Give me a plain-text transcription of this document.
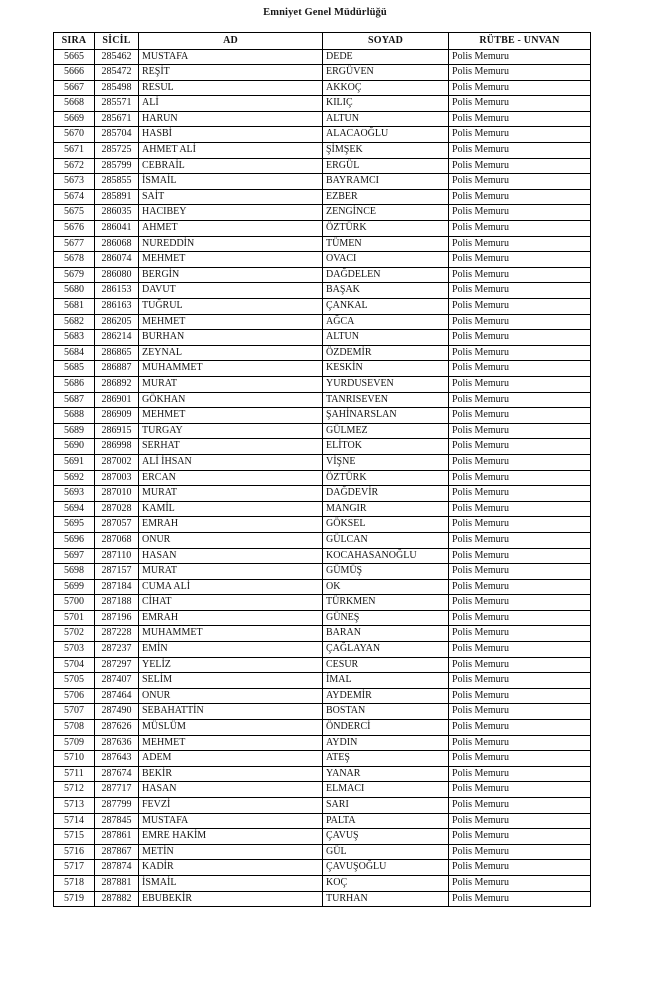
Emniyet Genel Müdürlüğü
SIRA	SİCİL	AD	SOYAD	RÜTBE - UNVAN
5665	285462	MUSTAFA	DEDE	Polis Memuru
5666	285472	REŞİT	ERGÜVEN	Polis Memuru
5667	285498	RESUL	AKKOÇ	Polis Memuru
5668	285571	ALİ	KILIÇ	Polis Memuru
5669	285671	HARUN	ALTUN	Polis Memuru
5670	285704	HASBİ	ALACAOĞLU	Polis Memuru
5671	285725	AHMET ALİ	ŞİMŞEK	Polis Memuru
5672	285799	CEBRAİL	ERGÜL	Polis Memuru
5673	285855	İSMAİL	BAYRAMCI	Polis Memuru
5674	285891	SAİT	EZBER	Polis Memuru
5675	286035	HACIBEY	ZENGİNCE	Polis Memuru
5676	286041	AHMET	ÖZTÜRK	Polis Memuru
5677	286068	NUREDDİN	TÜMEN	Polis Memuru
5678	286074	MEHMET	OVACI	Polis Memuru
5679	286080	BERGİN	DAĞDELEN	Polis Memuru
5680	286153	DAVUT	BAŞAK	Polis Memuru
5681	286163	TUĞRUL	ÇANKAL	Polis Memuru
5682	286205	MEHMET	AĞCA	Polis Memuru
5683	286214	BURHAN	ALTUN	Polis Memuru
5684	286865	ZEYNAL	ÖZDEMİR	Polis Memuru
5685	286887	MUHAMMET	KESKİN	Polis Memuru
5686	286892	MURAT	YURDUSEVEN	Polis Memuru
5687	286901	GÖKHAN	TANRISEVEN	Polis Memuru
5688	286909	MEHMET	ŞAHİNARSLAN	Polis Memuru
5689	286915	TURGAY	GÜLMEZ	Polis Memuru
5690	286998	SERHAT	ELİTOK	Polis Memuru
5691	287002	ALİ İHSAN	VİŞNE	Polis Memuru
5692	287003	ERCAN	ÖZTÜRK	Polis Memuru
5693	287010	MURAT	DAĞDEVİR	Polis Memuru
5694	287028	KAMİL	MANGIR	Polis Memuru
5695	287057	EMRAH	GÖKSEL	Polis Memuru
5696	287068	ONUR	GÜLCAN	Polis Memuru
5697	287110	HASAN	KOCAHASANOĞLU	Polis Memuru
5698	287157	MURAT	GÜMÜŞ	Polis Memuru
5699	287184	CUMA ALİ	OK	Polis Memuru
5700	287188	CİHAT	TÜRKMEN	Polis Memuru
5701	287196	EMRAH	GÜNEŞ	Polis Memuru
5702	287228	MUHAMMET	BARAN	Polis Memuru
5703	287237	EMİN	ÇAĞLAYAN	Polis Memuru
5704	287297	YELİZ	CESUR	Polis Memuru
5705	287407	SELİM	İMAL	Polis Memuru
5706	287464	ONUR	AYDEMİR	Polis Memuru
5707	287490	SEBAHATTİN	BOSTAN	Polis Memuru
5708	287626	MÜSLÜM	ÖNDERCİ	Polis Memuru
5709	287636	MEHMET	AYDIN	Polis Memuru
5710	287643	ADEM	ATEŞ	Polis Memuru
5711	287674	BEKİR	YANAR	Polis Memuru
5712	287717	HASAN	ELMACI	Polis Memuru
5713	287799	FEVZİ	SARI	Polis Memuru
5714	287845	MUSTAFA	PALTA	Polis Memuru
5715	287861	EMRE HAKİM	ÇAVUŞ	Polis Memuru
5716	287867	METİN	GÜL	Polis Memuru
5717	287874	KADİR	ÇAVUŞOĞLU	Polis Memuru
5718	287881	İSMAİL	KOÇ	Polis Memuru
5719	287882	EBUBEKİR	TURHAN	Polis Memuru
